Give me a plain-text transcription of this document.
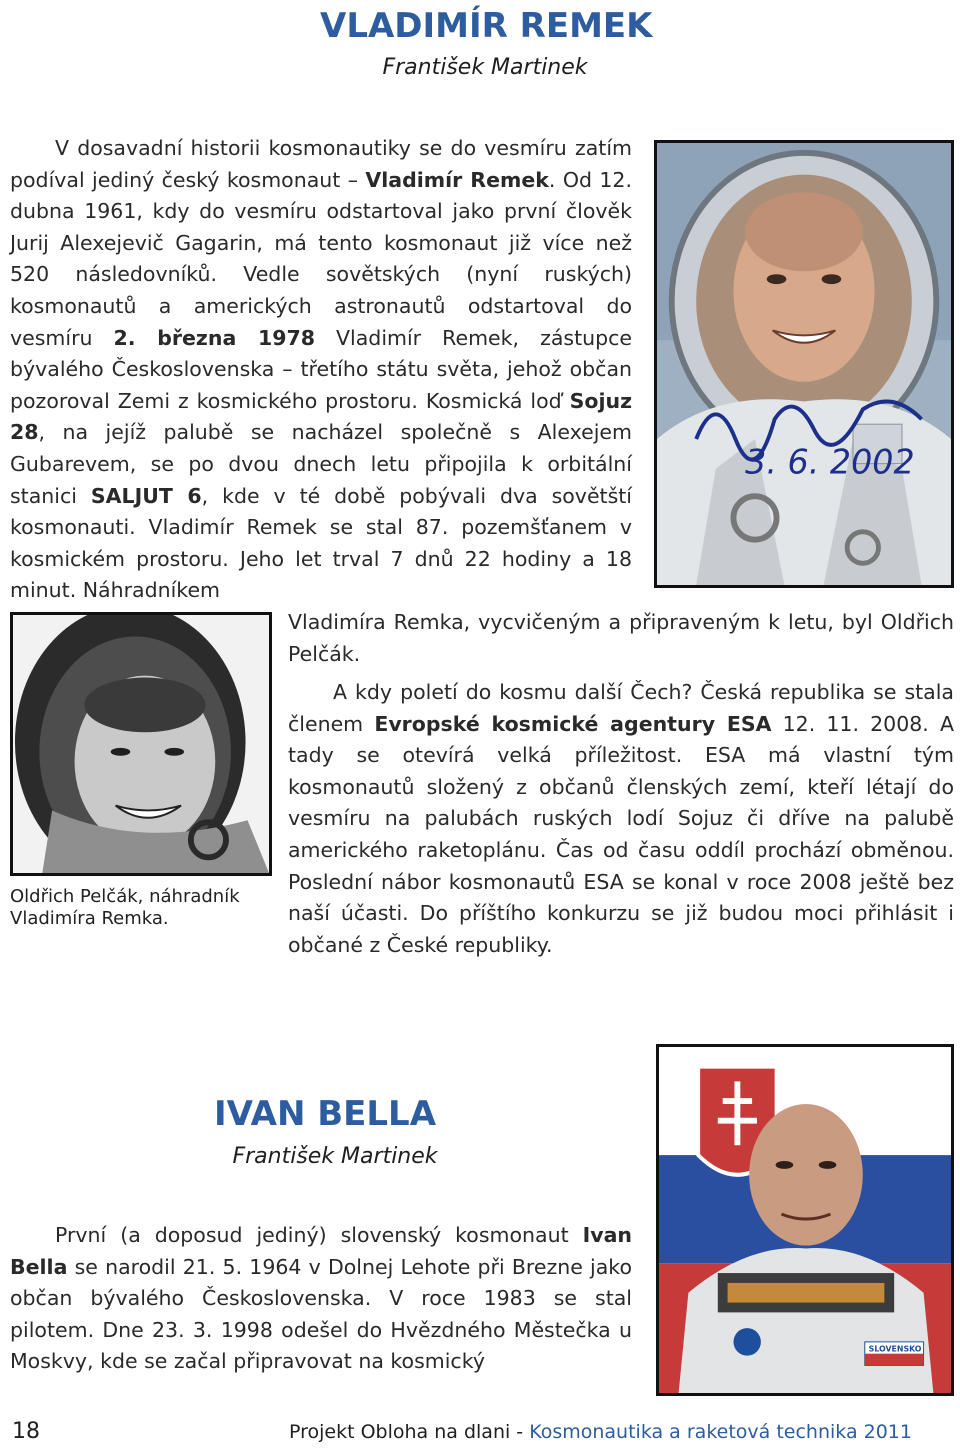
VLADIMÍR REMEK

František Martinek

V dosavadní historii kosmonautiky se do vesmíru zatím podíval jediný český kosmonaut – Vladimír Remek. Od 12. dubna 1961, kdy do vesmíru odstartoval jako první člověk Jurij Alexejevič Gagarin, má tento kosmonaut již více než 520 následovníků. Vedle sovětských (nyní ruských) kosmonautů a amerických astronautů odstartoval do vesmíru 2. března 1978 Vladimír Remek, zástupce bývalého Československa – třetího státu světa, jehož občan pozoroval Zemi z kosmického prostoru. Kosmická loď Sojuz 28, na jejíž palubě se nacházel společně s Alexejem Gubarevem, se po dvou dnech letu připojila k orbitální stanici SALJUT 6, kde v té době pobývali dva sovětští kosmonauti. Vladimír Remek se stal 87. pozemšťanem v kosmickém prostoru. Jeho let trval 7 dnů 22 hodiny a 18 minut. Náhradníkem

3. 6. 2002

Vladimíra Remka, vycvičeným a připraveným k letu, byl Oldřich Pelčák.

A kdy poletí do kosmu další Čech? Česká republika se stala členem Evropské kosmické agentury ESA 12. 11. 2008. A tady se otevírá velká příležitost. ESA má vlastní tým kosmonautů složený z občanů členských zemí, kteří létají do vesmíru na palubách ruských lodí Sojuz či dříve na palubě amerického raketoplánu. Čas od času oddíl prochází obměnou. Poslední nábor kosmonautů ESA se konal v roce 2008 ještě bez naší účasti. Do příštího konkurzu se již budou moci přihlásit i občané z České republiky.

Oldřich Pelčák, náhradník Vladimíra Remka.

IVAN BELLA

František Martinek

První (a doposud jediný) slovenský kosmonaut Ivan Bella se narodil 21. 5. 1964 v Dolnej Lehote při Brezne jako občan bývalého Československa. V roce 1983 se stal pilotem. Dne 23. 3. 1998 odešel do Hvězdného Městečka u Moskvy, kde se začal připravovat na kosmický

SLOVENSKO
18	Projekt Obloha na dlani - Kosmonautika a raketová technika 2011
